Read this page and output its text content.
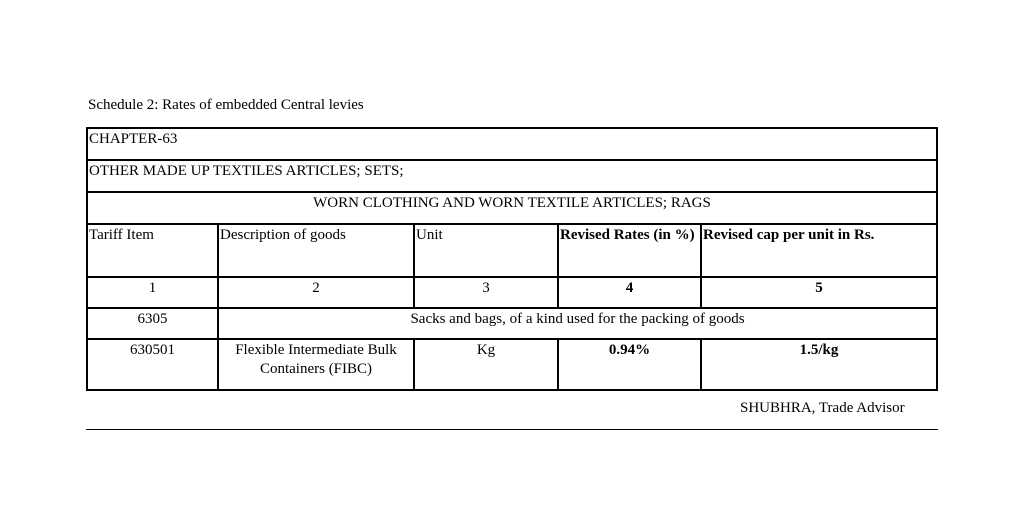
Schedule 2: Rates of embedded Central levies
CHAPTER-63				
OTHER MADE UP TEXTILES ARTICLES; SETS;				
WORN CLOTHING AND WORN TEXTILE ARTICLES; RAGS				
Tariff Item	Description of goods	Unit	Revised Rates (in %)	Revised cap per unit in Rs.
1	2	3	4	5
6305	Sacks and bags, of a kind used for the packing of goods			
630501	Flexible Intermediate Bulk
Containers (FIBC)	Kg	0.94%	1.5/kg
SHUBHRA, Trade Advisor
